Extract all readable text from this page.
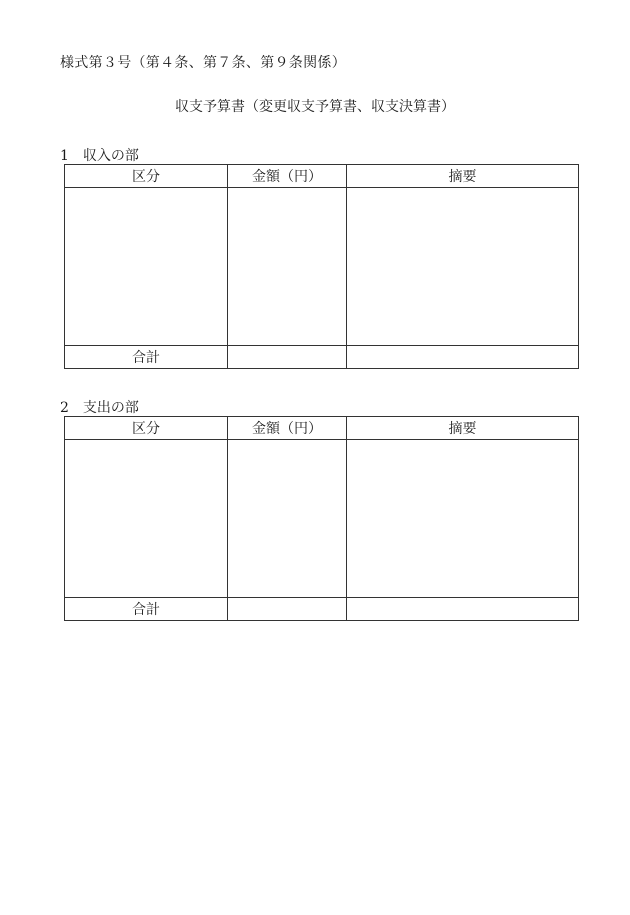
様式第３号（第４条、第７条、第９条関係）
収支予算書（変更収支予算書、収支決算書）
1　収入の部
区分	金額（円）	摘要

合計		
2　支出の部
区分	金額（円）	摘要

合計		
